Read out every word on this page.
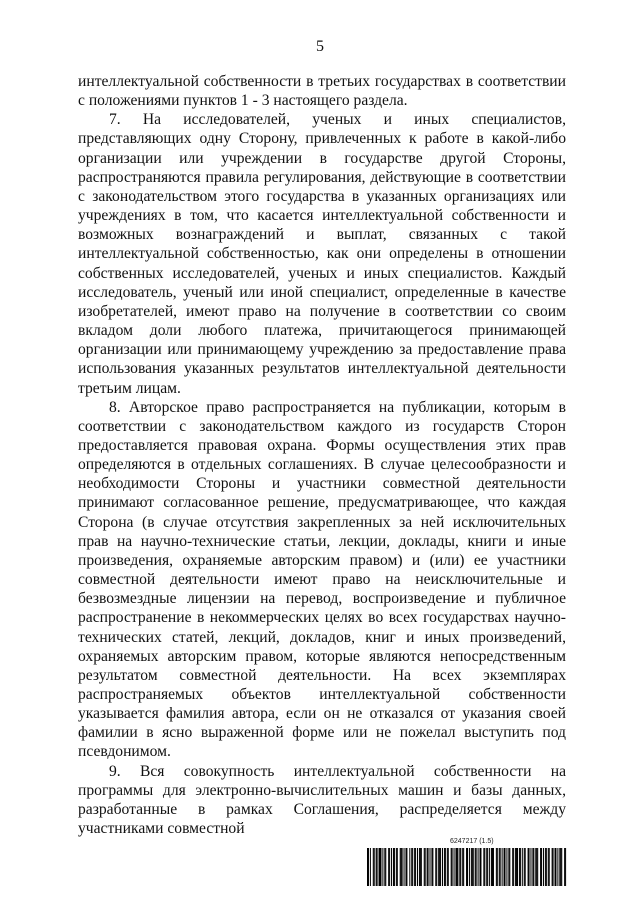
5

интеллектуальной собственности в третьих государствах в соответствии с положениями пунктов 1 - 3 настоящего раздела.

7. На исследователей, ученых и иных специалистов, представляющих одну Сторону, привлеченных к работе в какой-либо организации или учреждении в государстве другой Стороны, распространяются правила регулирования, действующие в соответствии с законодательством этого государства в указанных организациях или учреждениях в том, что касается интеллектуальной собственности и возможных вознаграждений и выплат, связанных с такой интеллектуальной собственностью, как они определены в отношении собственных исследователей, ученых и иных специалистов. Каждый исследователь, ученый или иной специалист, определенные в качестве изобретателей, имеют право на получение в соответствии со своим вкладом доли любого платежа, причитающегося принимающей организации или принимающему учреждению за предоставление права использования указанных результатов интеллектуальной деятельности третьим лицам.

8. Авторское право распространяется на публикации, которым в соответствии с законодательством каждого из государств Сторон предоставляется правовая охрана. Формы осуществления этих прав определяются в отдельных соглашениях. В случае целесообразности и необходимости Стороны и участники совместной деятельности принимают согласованное решение, предусматривающее, что каждая Сторона (в случае отсутствия закрепленных за ней исключительных прав на научно-технические статьи, лекции, доклады, книги и иные произведения, охраняемые авторским правом) и (или) ее участники совместной деятельности имеют право на неисключительные и безвозмездные лицензии на перевод, воспроизведение и публичное распространение в некоммерческих целях во всех государствах научно-технических статей, лекций, докладов, книг и иных произведений, охраняемых авторским правом, которые являются непосредственным результатом совместной деятельности. На всех экземплярах распространяемых объектов интеллектуальной собственности указывается фамилия автора, если он не отказался от указания своей фамилии в ясно выраженной форме или не пожелал выступить под псевдонимом.

9. Вся совокупность интеллектуальной собственности на программы для электронно-вычислительных машин и базы данных, разработанные в рамках Соглашения, распределяется между участниками совместной

6247217 (1.5)
